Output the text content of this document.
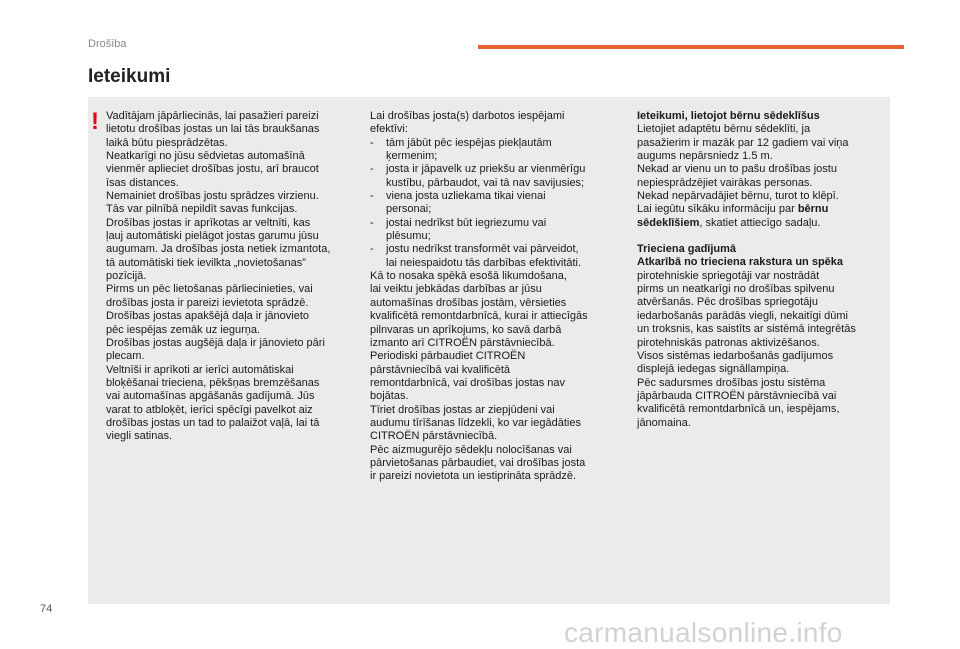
Drošība
Ieteikumi
! Vadītājam jāpārliecinās, lai pasažieri pareizi
lietotu drošības jostas un lai tās braukšanas
laikā būtu piesprādzētas.
Neatkarīgi no jūsu sēdvietas automašīnā
vienmēr aplieciet drošības jostu, arī braucot
īsas distances.
Nemainiet drošības jostu sprādzes virzienu.
Tās var pilnībā nepildīt savas funkcijas.
Drošības jostas ir aprīkotas ar veltnīti, kas
ļauj automātiski pielāgot jostas garumu jūsu
augumam. Ja drošības josta netiek izmantota,
tā automātiski tiek ievilkta „novietošanas”
pozīcijā.
Pirms un pēc lietošanas pārliecinieties, vai
drošības josta ir pareizi ievietota sprādzē.
Drošības jostas apakšējā daļa ir jānovieto
pēc iespējas zemāk uz iegurņa.
Drošības jostas augšējā daļa ir jānovieto pāri
plecam.
Veltnīši ir aprīkoti ar ierīci automātiskai
bloķēšanai trieciena, pēkšņas bremzēšanas
vai automašīnas apgāšanās gadījumā. Jūs
varat to atbloķēt, ierīci spēcīgi pavelkot aiz
drošības jostas un tad to palaižot vaļā, lai tā
viegli satinas.
Lai drošības josta(s) darbotos iespējami
efektīvi:
-	tām jābūt pēc iespējas piekļautām
ķermenim;
-	josta ir jāpavelk uz priekšu ar vienmērīgu
kustību, pārbaudot, vai tā nav savijusies;
-	viena josta uzliekama tikai vienai
personai;
-	jostai nedrīkst būt iegriezumu vai
plēsumu;
-	jostu nedrīkst transformēt vai pārveidot,
lai neiespaidotu tās darbības efektivitāti.
Kā to nosaka spēkā esošā likumdošana,
lai veiktu jebkādas darbības ar jūsu
automašīnas drošības jostām, vērsieties
kvalificētā remontdarbnīcā, kurai ir attiecīgās
pilnvaras un aprīkojums, ko savā darbā
izmanto arī CITROËN pārstāvniecībā.
Periodiski pārbaudiet CITROËN
pārstāvniecībā vai kvalificētā
remontdarbnīcā, vai drošības jostas nav
bojātas.
Tīriet drošības jostas ar ziepjūdeni vai
audumu tīrīšanas līdzekli, ko var iegādāties
CITROËN pārstāvniecībā.
Pēc aizmugurējo sēdekļu nolocīšanas vai
pārvietošanas pārbaudiet, vai drošības josta
ir pareizi novietota un iestiprināta sprādzē.
Ieteikumi, lietojot bērnu sēdeklīšus
Lietojiet adaptētu bērnu sēdeklīti, ja
pasažierim ir mazāk par 12 gadiem vai viņa
augums nepārsniedz 1.5 m.
Nekad ar vienu un to pašu drošības jostu
nepiesprādzējiet vairākas personas.
Nekad nepārvadājiet bērnu, turot to klēpī.
Lai iegūtu sīkāku informāciju par bērnu
sēdeklīšiem, skatiet attiecīgo sadaļu.
Trieciena gadījumā
Atkarībā no trieciena rakstura un spēka
pirotehniskie spriegotāji var nostrādāt
pirms un neatkarīgi no drošības spilvenu
atvēršanās. Pēc drošības spriegotāju
iedarbošanās parādās viegli, nekaitīgi dūmi
un troksnis, kas saistīts ar sistēmā integrētās
pirotehniskās patronas aktivizēšanos.
Visos sistēmas iedarbošanās gadījumos
displejā iedegas signāllampiņa.
Pēc sadursmes drošības jostu sistēma
jāpārbauda CITROËN pārstāvniecībā vai
kvalificētā remontdarbnīcā un, iespējams,
jānomaina.
74
carmanualsonline.info
